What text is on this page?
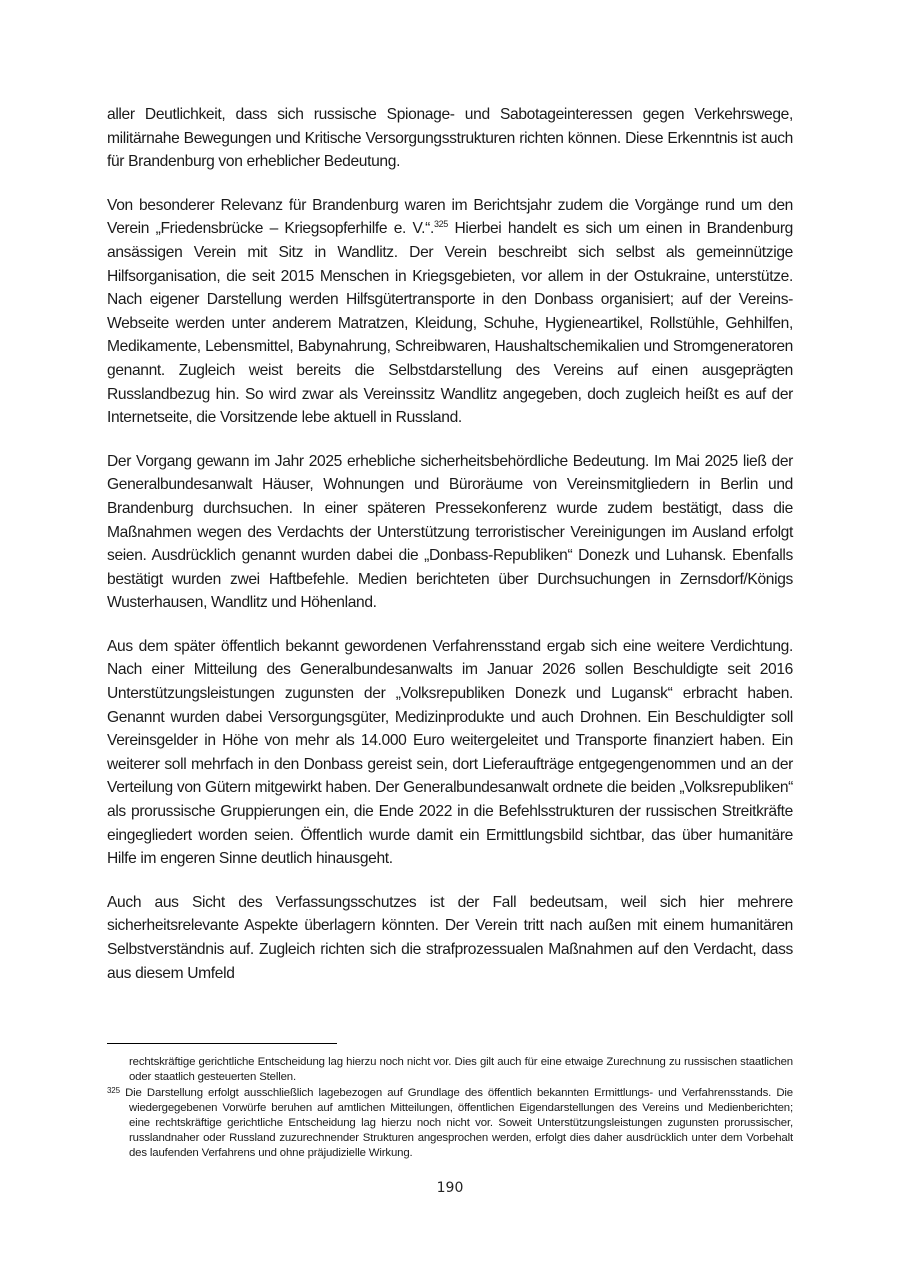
aller Deutlichkeit, dass sich russische Spionage- und Sabotageinteressen gegen Verkehrswege, militärnahe Bewegungen und Kritische Versorgungsstrukturen richten können. Diese Erkenntnis ist auch für Brandenburg von erheblicher Bedeutung.

Von besonderer Relevanz für Brandenburg waren im Berichtsjahr zudem die Vorgänge rund um den Verein „Friedensbrücke – Kriegsopferhilfe e. V.“.$^{325}$ Hierbei handelt es sich um einen in Brandenburg ansässigen Verein mit Sitz in Wandlitz. Der Verein beschreibt sich selbst als gemeinnützige Hilfsorganisation, die seit 2015 Menschen in Kriegsgebieten, vor allem in der Ostukraine, unterstütze. Nach eigener Darstellung werden Hilfsgütertransporte in den Donbass organisiert; auf der Vereins-Webseite werden unter anderem Matratzen, Kleidung, Schuhe, Hygieneartikel, Rollstühle, Gehhilfen, Medikamente, Lebensmittel, Babynahrung, Schreibwaren, Haushaltschemikalien und Stromgeneratoren genannt. Zugleich weist bereits die Selbstdarstellung des Vereins auf einen ausgeprägten Russlandbezug hin. So wird zwar als Vereinssitz Wandlitz angegeben, doch zugleich heißt es auf der Internetseite, die Vorsitzende lebe aktuell in Russland.

Der Vorgang gewann im Jahr 2025 erhebliche sicherheitsbehördliche Bedeutung. Im Mai 2025 ließ der Generalbundesanwalt Häuser, Wohnungen und Büroräume von Vereinsmitgliedern in Berlin und Brandenburg durchsuchen. In einer späteren Pressekonferenz wurde zudem bestätigt, dass die Maßnahmen wegen des Verdachts der Unterstützung terroristischer Vereinigungen im Ausland erfolgt seien. Ausdrücklich genannt wurden dabei die „Donbass-Republiken“ Donezk und Luhansk. Ebenfalls bestätigt wurden zwei Haftbefehle. Medien berichteten über Durchsuchungen in Zernsdorf/Königs Wusterhausen, Wandlitz und Höhenland.

Aus dem später öffentlich bekannt gewordenen Verfahrensstand ergab sich eine weitere Verdichtung. Nach einer Mitteilung des Generalbundesanwalts im Januar 2026 sollen Beschuldigte seit 2016 Unterstützungsleistungen zugunsten der „Volksrepubliken Donezk und Lugansk“ erbracht haben. Genannt wurden dabei Versorgungsgüter, Medizinprodukte und auch Drohnen. Ein Beschuldigter soll Vereinsgelder in Höhe von mehr als 14.000 Euro weitergeleitet und Transporte finanziert haben. Ein weiterer soll mehrfach in den Donbass gereist sein, dort Lieferaufträge entgegengenommen und an der Verteilung von Gütern mitgewirkt haben. Der Generalbundesanwalt ordnete die beiden „Volksrepubliken“ als prorussische Gruppierungen ein, die Ende 2022 in die Befehlsstrukturen der russischen Streitkräfte eingegliedert worden seien. Öffentlich wurde damit ein Ermittlungsbild sichtbar, das über humanitäre Hilfe im engeren Sinne deutlich hinausgeht.

Auch aus Sicht des Verfassungsschutzes ist der Fall bedeutsam, weil sich hier mehrere sicherheitsrelevante Aspekte überlagern könnten. Der Verein tritt nach außen mit einem humanitären Selbstverständnis auf. Zugleich richten sich die strafprozessualen Maßnahmen auf den Verdacht, dass aus diesem Umfeld

rechtskräftige gerichtliche Entscheidung lag hierzu noch nicht vor. Dies gilt auch für eine etwaige Zurechnung zu russischen staatlichen oder staatlich gesteuerten Stellen.

$^{325}$ Die Darstellung erfolgt ausschließlich lagebezogen auf Grundlage des öffentlich bekannten Ermittlungs- und Verfahrensstands. Die wiedergegebenen Vorwürfe beruhen auf amtlichen Mitteilungen, öffentlichen Eigendarstellungen des Vereins und Medienberichten; eine rechtskräftige gerichtliche Entscheidung lag hierzu noch nicht vor. Soweit Unterstützungsleistungen zugunsten prorussischer, russlandnaher oder Russland zuzurechnender Strukturen angesprochen werden, erfolgt dies daher ausdrücklich unter dem Vorbehalt des laufenden Verfahrens und ohne präjudizielle Wirkung.

190
